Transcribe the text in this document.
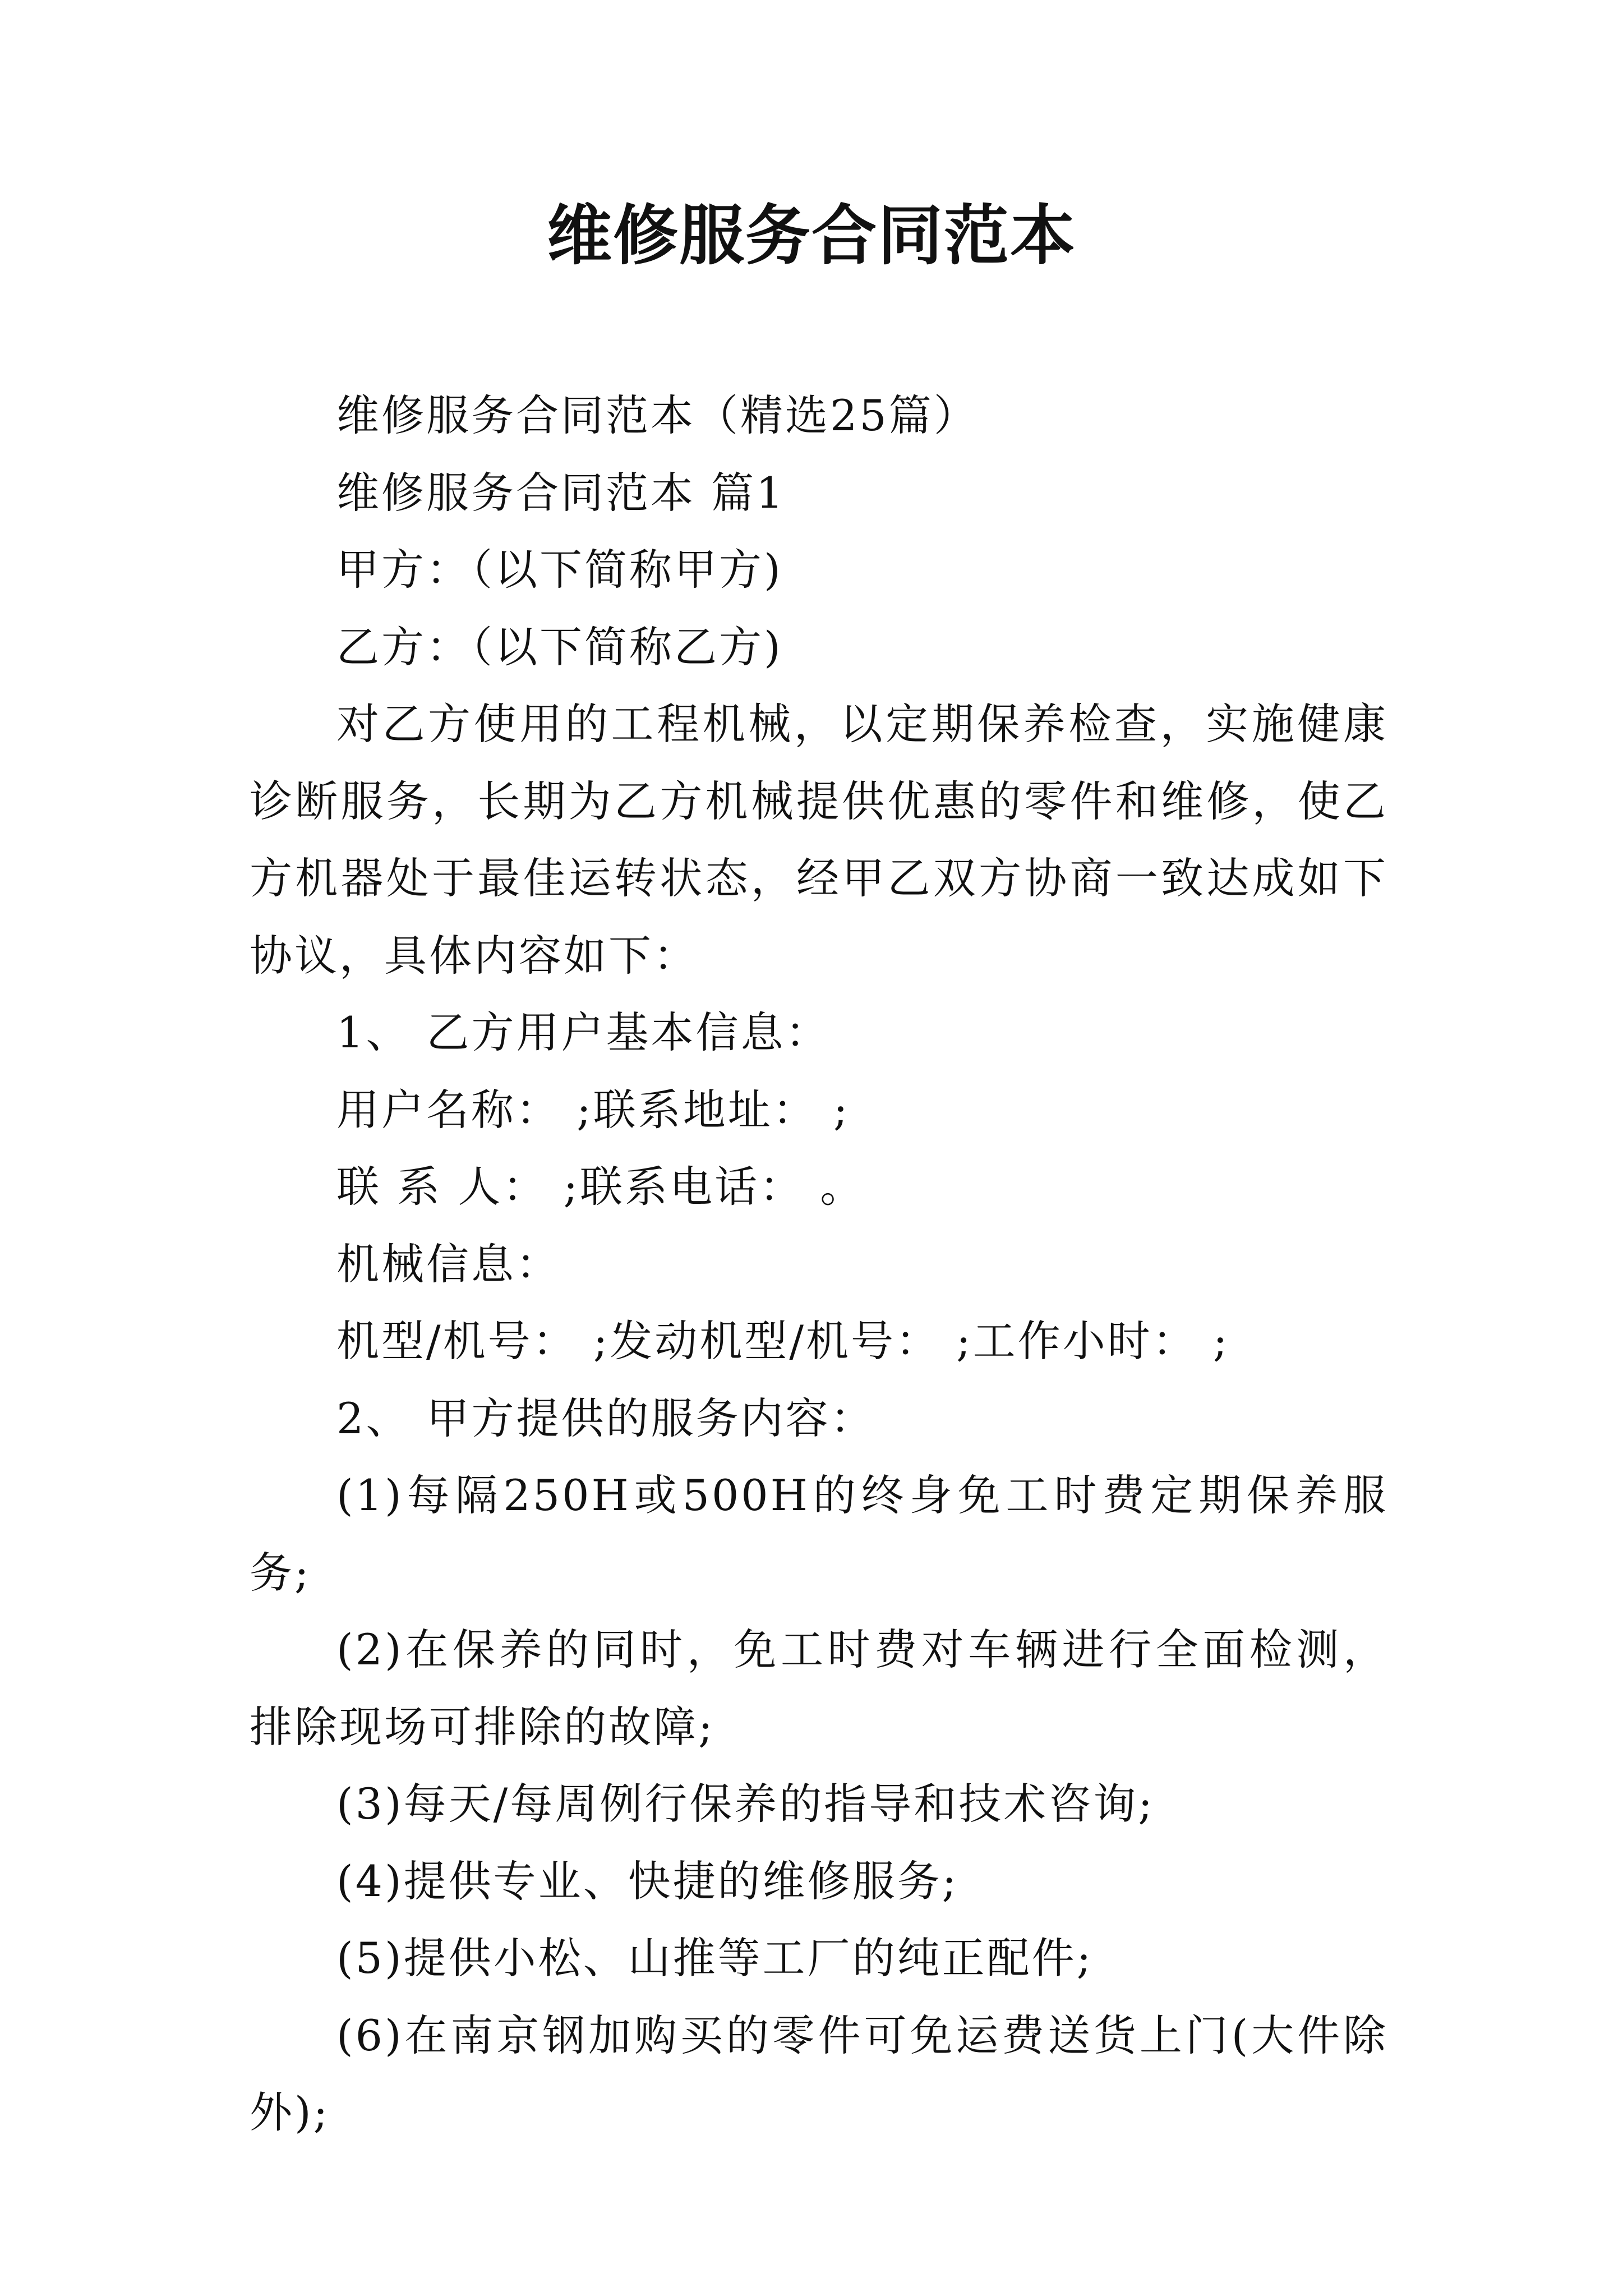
维修服务合同范本

维修服务合同范本（精选25篇）

维修服务合同范本 篇1

甲方：（以下简称甲方)

乙方：（以下简称乙方)

对乙方使用的工程机械，以定期保养检查，实施健康诊断服务，长期为乙方机械提供优惠的零件和维修，使乙方机器处于最佳运转状态，经甲乙双方协商一致达成如下协议，具体内容如下：

1、 乙方用户基本信息：

用户名称： ;联系地址： ;

联 系 人： ;联系电话： 。

机械信息：

机型/机号： ;发动机型/机号： ;工作小时： ;

2、 甲方提供的服务内容：

(1)每隔250H或500H的终身免工时费定期保养服务;

(2)在保养的同时，免工时费对车辆进行全面检测，排除现场可排除的故障;

(3)每天/每周例行保养的指导和技术咨询;

(4)提供专业、快捷的维修服务;

(5)提供小松、山推等工厂的纯正配件;

(6)在南京钢加购买的零件可免运费送货上门(大件除外);
